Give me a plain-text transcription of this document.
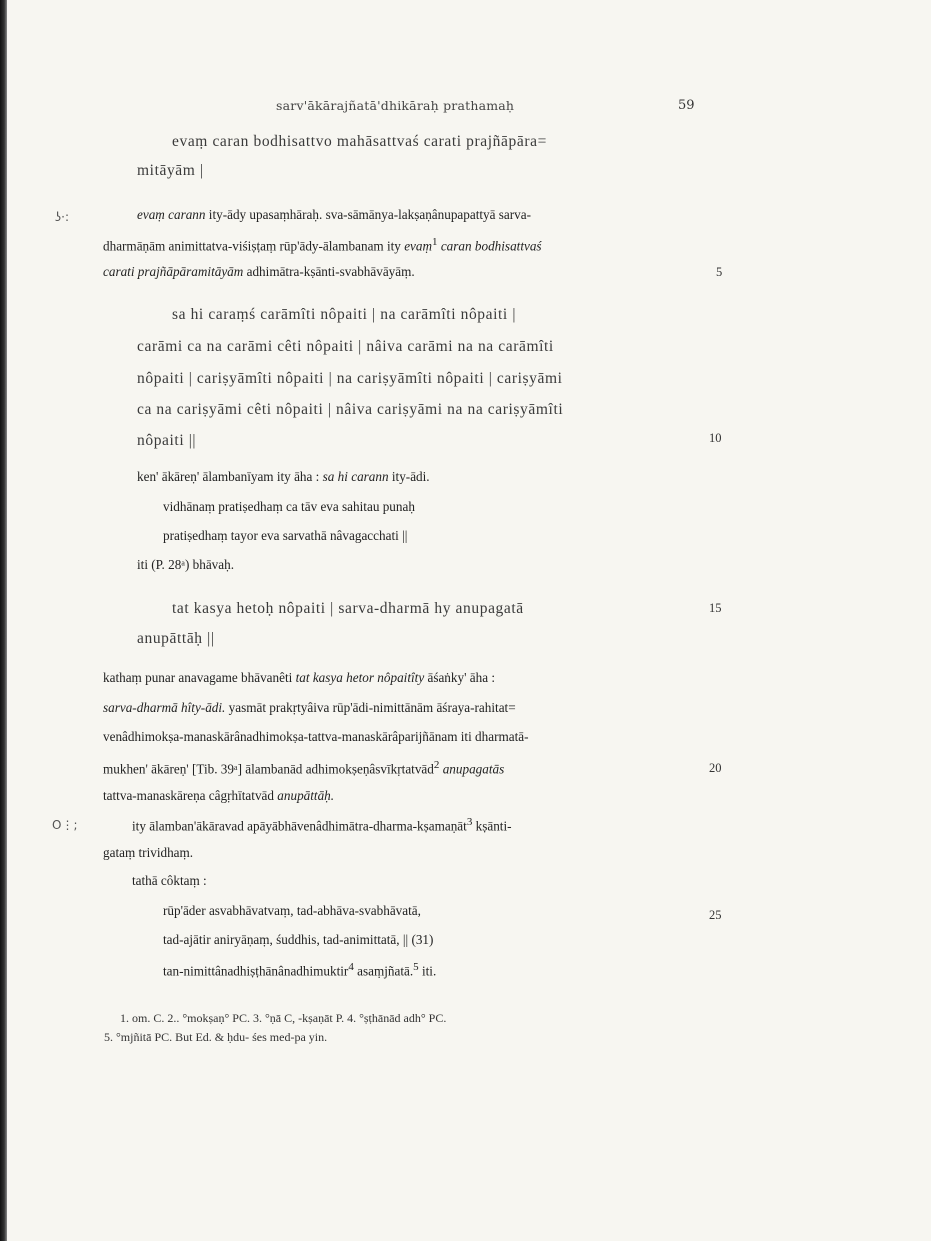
sarv'ākārajñatā'dhikāraḥ prathamaḥ	59
evaṃ caran bodhisattvo mahāsattvaś carati prajñāpāra=
mitāyām |
evaṃ carann ity-ādy upasaṃhāraḥ. sva-sāmānya-lakṣaṇânupapattyā sarva-
dharmāṇām animittatva-viśiṣṭaṃ rūp'ādy-ālambanam ity evaṃ$^1$ caran bodhisattvaś
carati prajñāpāramitāyām adhimātra-kṣānti-svabhāvāyāṃ.
sa hi caraṃś carāmîti nôpaiti | na carāmîti nôpaiti |
carāmi ca na carāmi cêti nôpaiti | nâiva carāmi na na carāmîti
nôpaiti | cariṣyāmîti nôpaiti | na cariṣyāmîti nôpaiti | cariṣyāmi
ca na cariṣyāmi cêti nôpaiti | nâiva cariṣyāmi na na cariṣyāmîti
nôpaiti ||
ken' ākāreṇ' ālambanīyam ity āha : sa hi carann ity-ādi.
vidhānaṃ pratiṣedhaṃ ca tāv eva sahitau punaḥ
pratiṣedhaṃ tayor eva sarvathā nâvagacchati ||
iti (P. 28ᵃ) bhāvaḥ.
tat kasya hetoḥ nôpaiti | sarva-dharmā hy anupagatā
anupāttāḥ ||
kathaṃ punar anavagame bhāvanêti tat kasya hetor nôpaitîty āśaṅky' āha :
sarva-dharmā hîty-ādi. yasmāt prakṛtyâiva rūp'ādi-nimittānām āśraya-rahitat=
venâdhimokṣa-manaskārânadhimokṣa-tattva-manaskārâparijñānam iti dharmatā-
mukhen' ākāreṇ' [Tib. 39ᵃ] ālambanād adhimokṣeṇâsvīkṛtatvād$^2$ anupagatās
tattva-manaskāreṇa câgṛhītatvād anupāttāḥ.
ity ālamban'ākāravad apāyābhāvenâdhimātra-dharma-kṣamaṇāt$^3$ kṣānti-
gataṃ trividhaṃ.
tathā côktaṃ :
rūp'āder asvabhāvatvaṃ, tad-abhāva-svabhāvatā,
tad-ajātir aniryāṇaṃ, śuddhis, tad-animittatā, || (31)
tan-nimittânadhiṣṭhānânadhimuktir$^4$ asaṃjñatā.$^5$ iti.
5
10
15
20
25
1. om. C. 2.. °mokṣaṇ° PC. 3. °ṇā C, -kṣaṇāt P. 4. °ṣṭhānād adh° PC.
5. °mjñitā PC. But Ed. & ḥdu- śes med-pa yin.
ʖ·:
O⋮;
